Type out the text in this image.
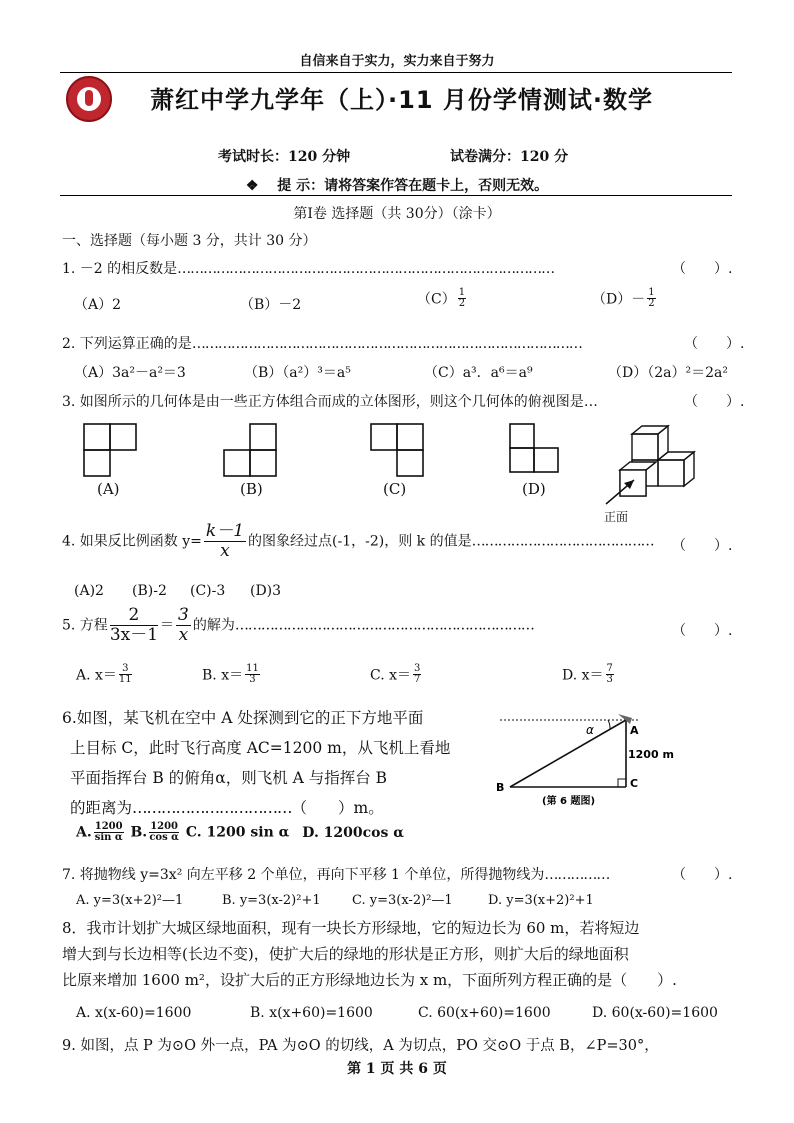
自信来自于实力，实力来自于努力
萧红中学九学年（上）·11 月份学情测试·数学
考试时长：120 分钟	试卷满分：120 分
❖ 提 示：请将答案作答在题卡上，否则无效。
第Ⅰ卷 选择题（共 30分）（涂卡）
一、选择题（每小题 3 分，共计 30 分）
1. －2 的相反数是……………………………………………………………………………	（　　）.
（A）2	（B）－2	$(C) \frac{1}{2}$	$(D)- \frac{1}{2}$
2. 下列运算正确的是………………………………………………………………………………	（　　）.
（A）3a²－a²＝3	（B）（a²）³＝a⁵	（C）a³．a⁶＝a⁹	（D）（2a）²＝2a²
3. 如图所示的几何体是由一些正方体组合而成的立体图形，则这个几何体的俯视图是…	（　　）.
(A)	(B)	(C)	(D)
正面
4. 如果反比例函数 $y= \frac{k-1}{x}$ 的图象经过点(-1，-2)，则 k 的值是…………………………………… （　　）.
(A)2 (B)-2 (C)-3 (D)3
5. 方程 $\frac{2}{3x-1} = \frac{3}{x}$ 的解为……………………………………………………………	（　　）.
A. $x= \frac{3}{11}$	B. $x= \frac{11}{3}$	C. $x= \frac{3}{7}$	D. $x= \frac{7}{3}$
6.如图，某飞机在空中 A 处探测到它的正下方地平面
上目标 C，此时飞行高度 AC=1200 m，从飞机上看地
平面指挥台 B 的俯角α，则飞机 A 与指挥台 B
的距离为……………………………（　　）m。
A. $\frac{1200}{\text{sin α}} B$. $\frac{1200}{\text{cos α}} C$. 1200 sin α D. 1200cos α
α	A
B	C
1200 m
(第 6 题图)
7. 将抛物线 y=3x² 向左平移 2 个单位，再向下平移 1 个单位，所得抛物线为……………	（　　）.
A. y=3(x+2)²—1	B. y=3(x-2)²+1 C. y=3(x-2)²—1	D. y=3(x+2)²+1
8．我市计划扩大城区绿地面积，现有一块长方形绿地，它的短边长为 60 m，若将短边
增大到与长边相等(长边不变)，使扩大后的绿地的形状是正方形，则扩大后的绿地面积
比原来增加 1600 m²，设扩大后的正方形绿地边长为 x m，下面所列方程正确的是（　　）.
A. x(x-60)=1600	B. x(x+60)=1600	C. 60(x+60)=1600	D. 60(x-60)=1600
9. 如图，点 P 为⊙O 外一点，PA 为⊙O 的切线，A 为切点，PO 交⊙O 于点 B，∠P=30°，
第 1 页 共 6 页
